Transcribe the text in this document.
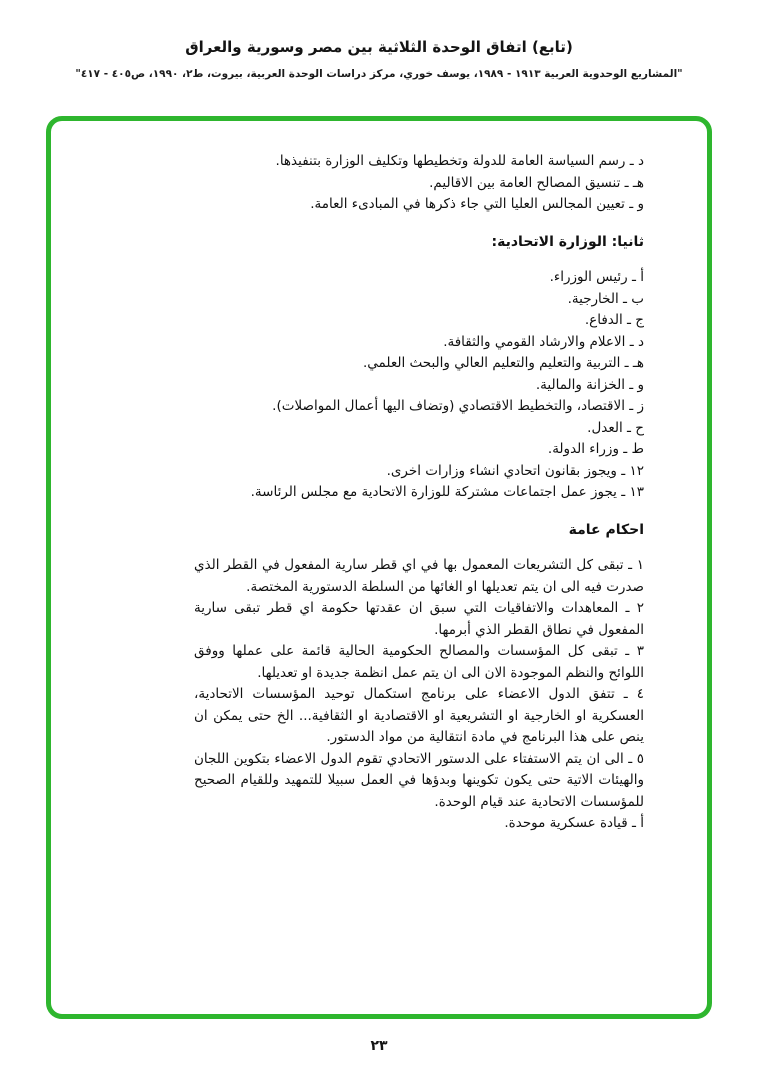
(تابع) اتفاق الوحدة الثلاثية بين مصر وسورية والعراق
"المشاريع الوحدوية العربية ١٩١٣ - ١٩٨٩، يوسف خوري، مركز دراسات الوحدة العربية، بيروت، ط٢، ١٩٩٠، ص٤٠٥ - ٤١٧"

د ـ رسم السياسة العامة للدولة وتخطيطها وتكليف الوزارة بتنفيذها.

هـ ـ تنسيق المصالح العامة بين الاقاليم.

و ـ تعيين المجالس العليا التي جاء ذكرها في المبادىء العامة.

ثانيا: الوزارة الاتحادية:

أ ـ رئيس الوزراء.

ب ـ الخارجية.

ج ـ الدفاع.

د ـ الاعلام والارشاد القومي والثقافة.

هـ ـ التربية والتعليم والتعليم العالي والبحث العلمي.

و ـ الخزانة والمالية.

ز ـ الاقتصاد، والتخطيط الاقتصادي (وتضاف اليها أعمال المواصلات).

ح ـ العدل.

ط ـ وزراء الدولة.

١٢ ـ ويجوز بقانون اتحادي انشاء وزارات اخرى.

١٣ ـ يجوز عمل اجتماعات مشتركة للوزارة الاتحادية مع مجلس الرئاسة.

احكام عامة

١ ـ تبقى كل التشريعات المعمول بها في اي قطر سارية المفعول في القطر الذي صدرت فيه الى ان يتم تعديلها او الغائها من السلطة الدستورية المختصة.

٢ ـ المعاهدات والاتفاقيات التي سبق ان عقدتها حكومة اي قطر تبقى سارية المفعول في نطاق القطر الذي أبرمها.

٣ ـ تبقى كل المؤسسات والمصالح الحكومية الحالية قائمة على عملها ووفق اللوائح والنظم الموجودة الان الى ان يتم عمل انظمة جديدة او تعديلها.

٤ ـ تتفق الدول الاعضاء على برنامج استكمال توحيد المؤسسات الاتحادية، العسكرية او الخارجية او التشريعية او الاقتصادية او الثقافية... الخ حتى يمكن ان ينص على هذا البرنامج في مادة انتقالية من مواد الدستور.

٥ ـ الى ان يتم الاستفتاء على الدستور الاتحادي تقوم الدول الاعضاء بتكوين اللجان والهيئات الاتية حتى يكون تكوينها وبدؤها في العمل سبيلا للتمهيد وللقيام الصحيح للمؤسسات الاتحادية عند قيام الوحدة.

أ ـ قيادة عسكرية موحدة.

٢٣
